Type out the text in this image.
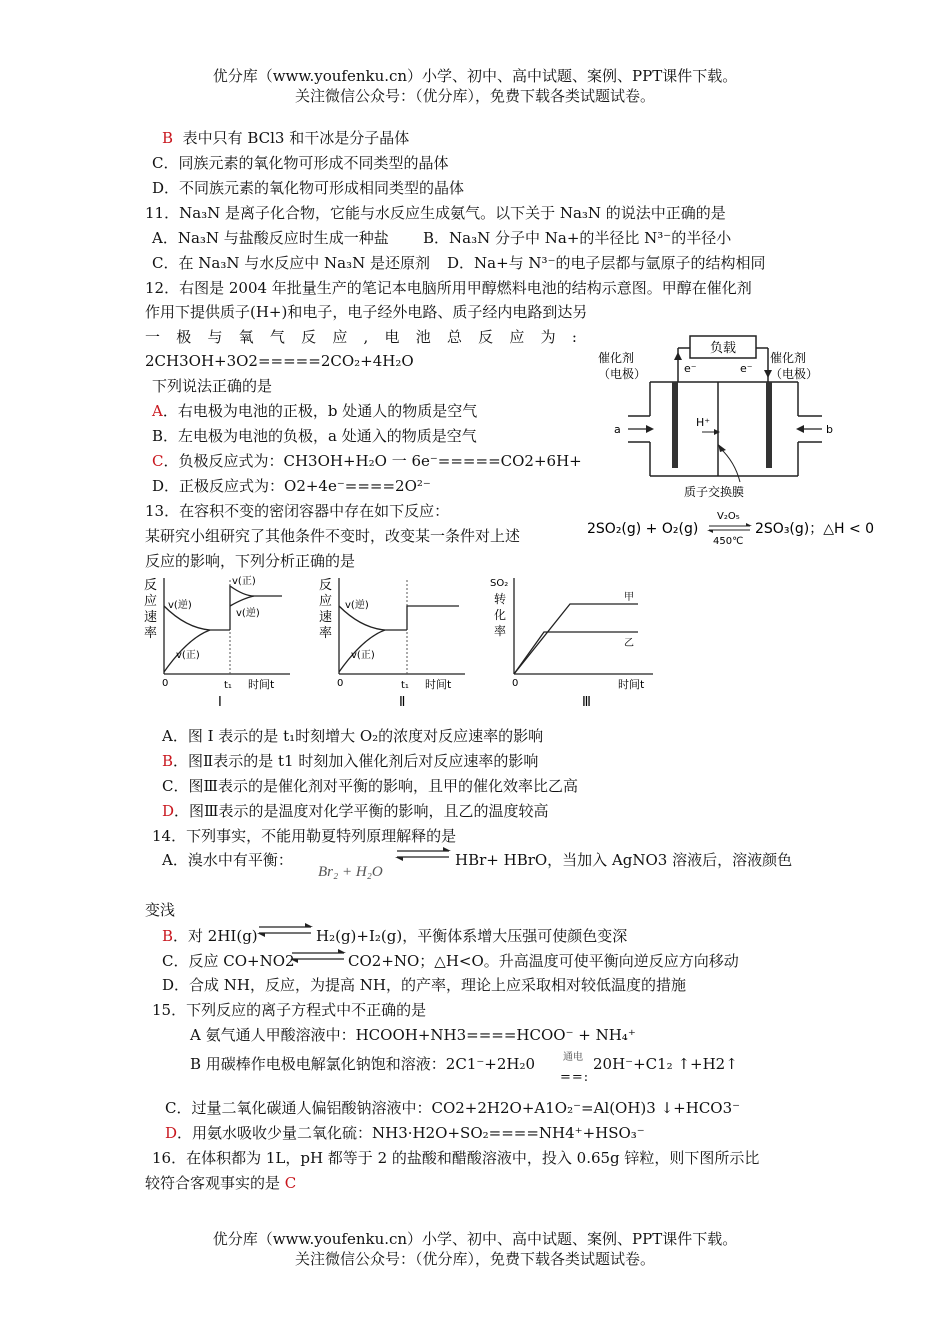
优分库（www.youfenku.cn）小学、初中、高中试题、案例、PPT课件下载。
关注微信公众号：（优分库），免费下载各类试题试卷。
B 表中只有 BCl3 和干冰是分子晶体
C．同族元素的氧化物可形成不同类型的晶体
D．不同族元素的氧化物可形成相同类型的晶体
11．Na₃N 是离子化合物，它能与水反应生成氨气。以下关于 Na₃N 的说法中正确的是
A．Na₃N 与盐酸反应时生成一种盐 B．Na₃N 分子中 Na+的半径比 N³⁻的半径小
C．在 Na₃N 与水反应中 Na₃N 是还原剂 D．Na+与 N³⁻的电子层都与氩原子的结构相同
12．右图是 2004 年批量生产的笔记本电脑所用甲醇燃料电池的结构示意图。甲醇在催化剂
作用下提供质子(H+)和电子，电子经外电路、质子经内电路到达另
一 极 与 氧 气 反 应 , 电 池 总 反 应 为 :
2CH3OH+3O2=====2CO₂+4H₂O
下列说法正确的是
A．右电极为电池的正极，b 处通人的物质是空气
B．左电极为电池的负极，a 处通入的物质是空气
C．负极反应式为：CH3OH+H₂O 一 6e⁻=====CO2+6H+
D．正极反应式为：O2+4e⁻====2O²⁻
负载
e⁻	e⁻
催化剂
（电极）
催化剂
（电极）
a	b
H⁺
质子交换膜
13．在容积不变的密闭容器中存在如下反应：
某研究小组研究了其他条件不变时，改变某一条件对上述
反应的影响，下列分析正确的是
2SO₂(g) + O₂(g)
V₂O₅
450℃
2SO₃(g)；△H < 0
反
应
速
率
v(逆)
v(正)
v(正)
v(逆)
0	t₁ 时间t
Ⅰ
反
应
速
率
v(逆)
v(正)
0	t₁ 时间t
Ⅱ
SO₂
转
化
率
甲
乙
0	时间t
Ⅲ
A．图 I 表示的是 t₁时刻增大 O₂的浓度对反应速率的影响
B．图Ⅱ表示的是 t1 时刻加入催化剂后对反应速率的影响
C．图Ⅲ表示的是催化剂对平衡的影响，且甲的催化效率比乙高
D．图Ⅲ表示的是温度对化学平衡的影响，且乙的温度较高
14．下列事实，不能用勒夏特列原理解释的是
A．溴水中有平衡：
Br₂ + H₂O
⇌ HBr+ HBrO，当加入 AgNO3 溶液后，溶液颜色
变浅
B．对 2HI(g) ⇌ H₂(g)+I₂(g)，平衡体系增大压强可使颜色变深
C．反应 CO+NO2 ⇌ CO2+NO；△H<O。升高温度可使平衡向逆反应方向移动
D．合成 NH，反应，为提高 NH，的产率，理论上应采取相对较低温度的措施
15．下列反应的离子方程式中不正确的是
A 氨气通人甲酸溶液中：HCOOH+NH3====HCOO⁻ + NH₄⁺
B 用碳棒作电极电解氯化钠饱和溶液：2C1⁻+2H₂0	通电
==:
20H⁻+C1₂ ↑+H2↑
C．过量二氧化碳通人偏铝酸钠溶液中：CO2+2H2O+A1O₂⁻=Al(OH)3 ↓+HCO3⁻
D．用氨水吸收少量二氧化硫：NH3·H2O+SO₂====NH4⁺+HSO₃⁻
16．在体积都为 1L，pH 都等于 2 的盐酸和醋酸溶液中，投入 0.65g 锌粒，则下图所示比
较符合客观事实的是 C
优分库（www.youfenku.cn）小学、初中、高中试题、案例、PPT课件下载。
关注微信公众号：（优分库），免费下载各类试题试卷。
